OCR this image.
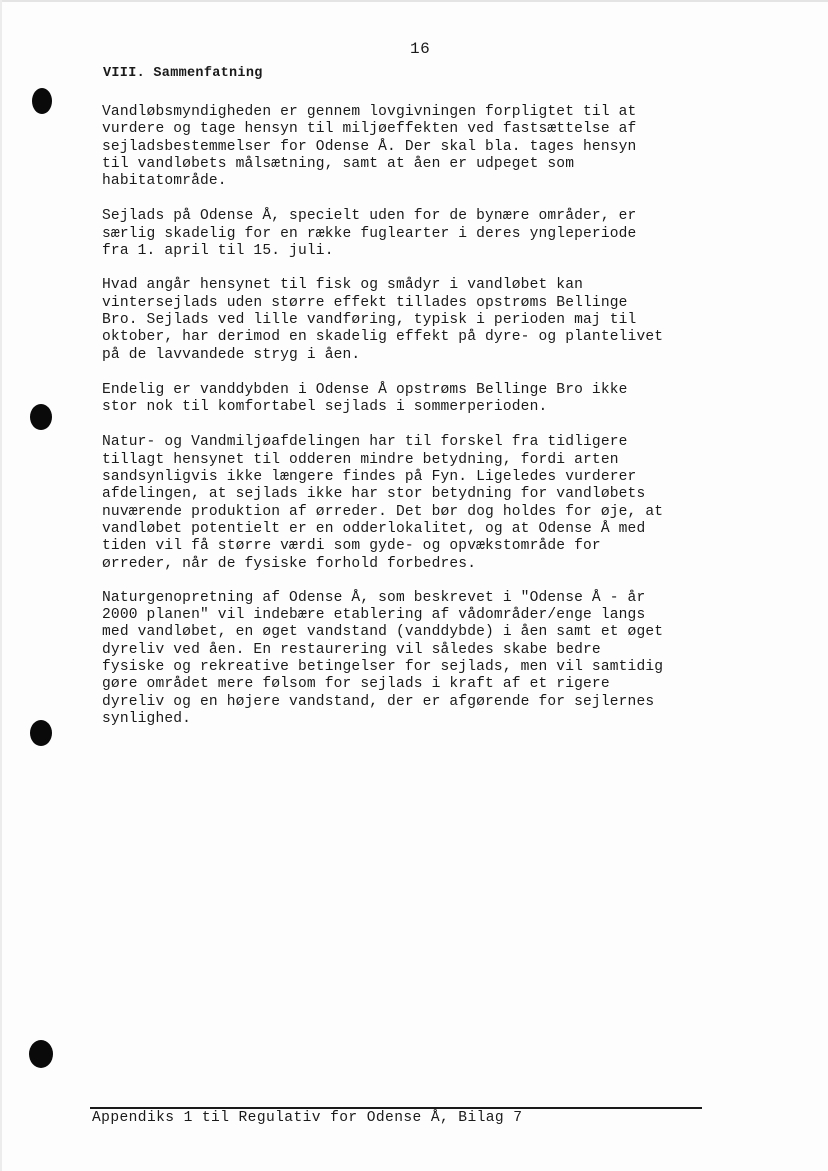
16
VIII. Sammenfatning

Vandløbsmyndigheden er gennem lovgivningen forpligtet til at
vurdere og tage hensyn til miljøeffekten ved fastsættelse af
sejladsbestemmelser for Odense Å. Der skal bla. tages hensyn
til vandløbets målsætning, samt at åen er udpeget som
habitatområde.

Sejlads på Odense Å, specielt uden for de bynære områder, er
særlig skadelig for en række fuglearter i deres yngleperiode
fra 1. april til 15. juli.

Hvad angår hensynet til fisk og smådyr i vandløbet kan
vintersejlads uden større effekt tillades opstrøms Bellinge
Bro. Sejlads ved lille vandføring, typisk i perioden maj til
oktober, har derimod en skadelig effekt på dyre- og plantelivet
på de lavvandede stryg i åen.

Endelig er vanddybden i Odense Å opstrøms Bellinge Bro ikke
stor nok til komfortabel sejlads i sommerperioden.

Natur- og Vandmiljøafdelingen har til forskel fra tidligere
tillagt hensynet til odderen mindre betydning, fordi arten
sandsynligvis ikke længere findes på Fyn. Ligeledes vurderer
afdelingen, at sejlads ikke har stor betydning for vandløbets
nuværende produktion af ørreder. Det bør dog holdes for øje, at
vandløbet potentielt er en odderlokalitet, og at Odense Å med
tiden vil få større værdi som gyde- og opvækstområde for
ørreder, når de fysiske forhold forbedres.

Naturgenopretning af Odense Å, som beskrevet i "Odense Å - år
2000 planen" vil indebære etablering af vådområder/enge langs
med vandløbet, en øget vandstand (vanddybde) i åen samt et øget
dyreliv ved åen. En restaurering vil således skabe bedre
fysiske og rekreative betingelser for sejlads, men vil samtidig
gøre området mere følsom for sejlads i kraft af et rigere
dyreliv og en højere vandstand, der er afgørende for sejlernes
synlighed.

Appendiks 1 til Regulativ for Odense Å, Bilag 7
